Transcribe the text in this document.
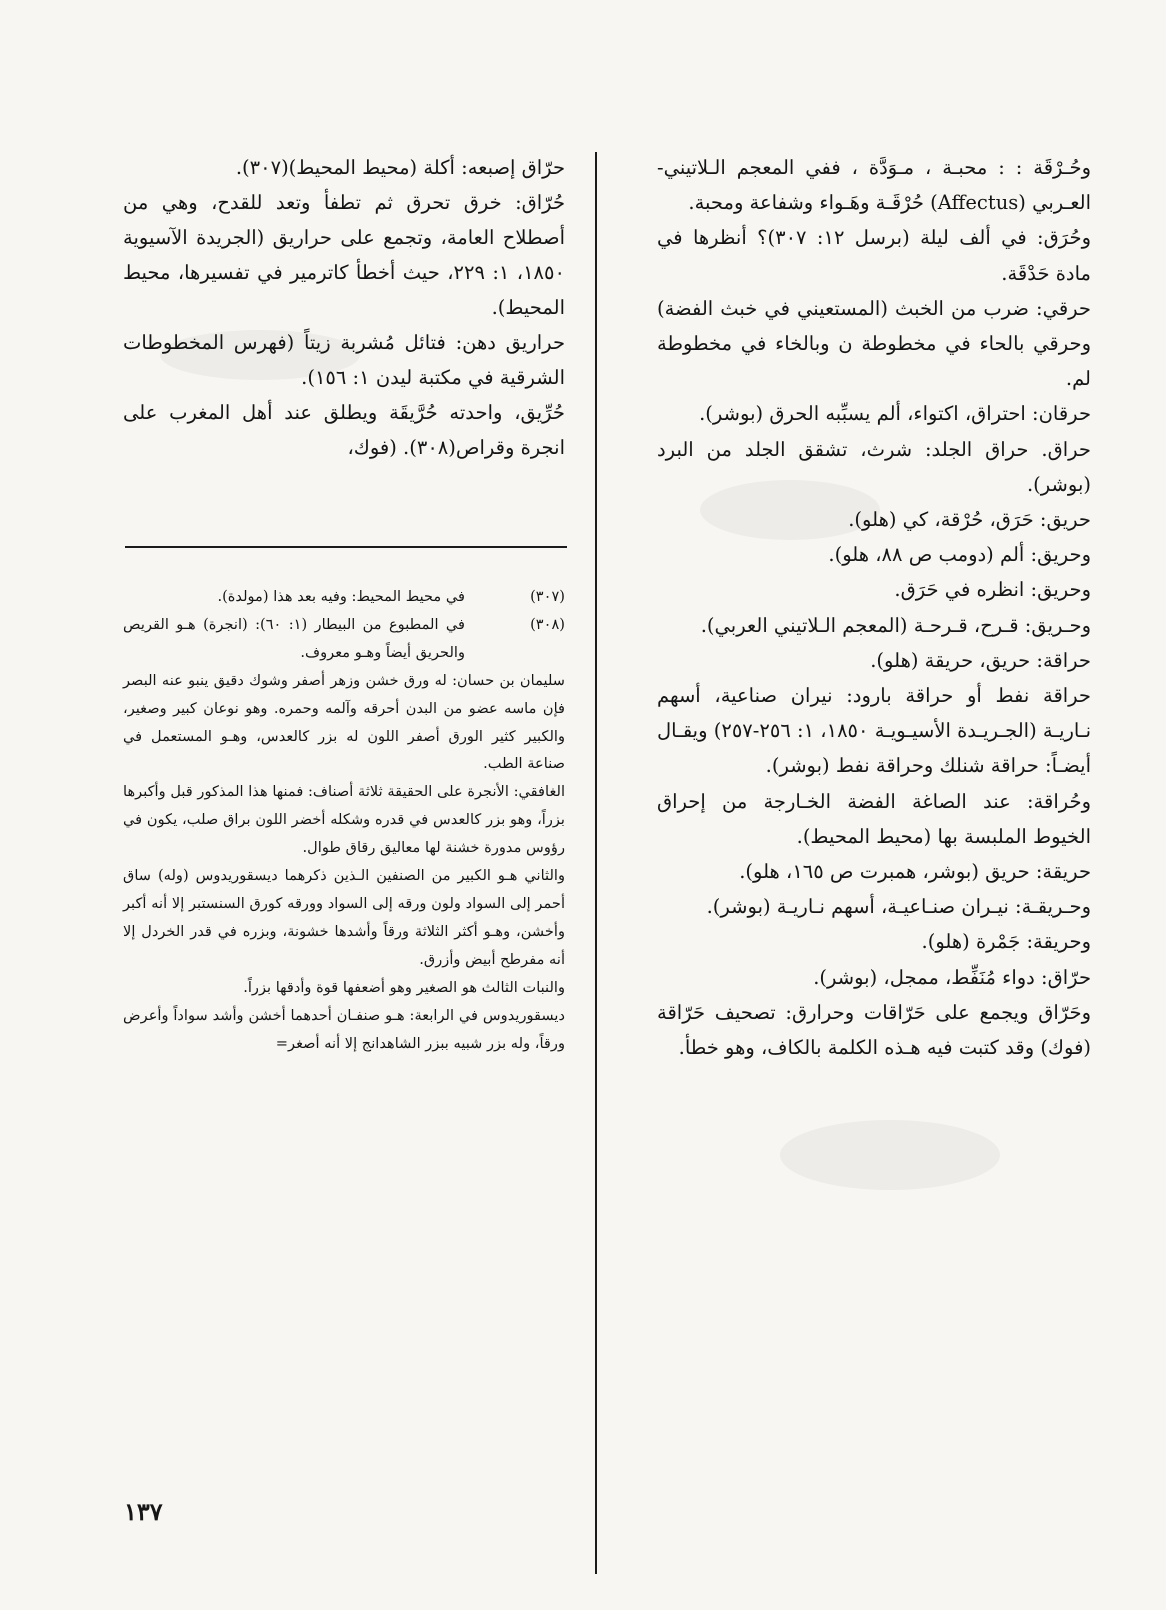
وحُـرْقَة : : محبـة ، مـوَدَّة ، ففي المعجم الـلاتيني-العـربي (Affectus) حُرْقَـة وهَـواء وشفاعة ومحبة.

وحُرَق: في ألف ليلة (برسل ١٢: ٣٠٧)؟ أنظرها في مادة حَدْقَة.

حرقي: ضرب من الخبث (المستعيني في خبث الفضة) وحرقي بالحاء في مخطوطة ن وبالخاء في مخطوطة لم.

حرقان: احتراق، اكتواء، ألم يسبِّبه الحرق (بوشر).

حراق. حراق الجلد: شرث، تشقق الجلد من البرد (بوشر).

حريق: حَرَق، حُرْقة، كي (هلو).

وحريق: ألم (دومب ص ٨٨، هلو).

وحريق: انظره في حَرَق.

وحـريق: قـرح، قـرحـة (المعجم الـلاتيني العربي).

حراقة: حريق، حريقة (هلو).

حراقة نفط أو حراقة بارود: نيران صناعية، أسهم نـاريـة (الجـريـدة الأسيـويـة ١٨٥٠، ١: ٢٥٦-٢٥٧) ويقـال أيضـاً: حراقة شنلك وحراقة نفط (بوشر).

وحُراقة: عند الصاغة الفضة الخـارجة من إحراق الخيوط الملبسة بها (محيط المحيط).

حريقة: حريق (بوشر، همبرت ص ١٦٥، هلو).

وحـريقـة: نيـران صنـاعيـة، أسهم نـاريـة (بوشر).

وحريقة: جَمْرة (هلو).

حرّاق: دواء مُنَفِّط، ممجل، (بوشر).

وحَرّاق ويجمع على حَرّاقات وحرارق: تصحيف حَرّاقة (فوك) وقد كتبت فيه هـذه الكلمة بالكاف، وهو خطأ.

حرّاق إصبعه: أكلة (محيط المحيط)(٣٠٧).

حُرّاق: خرق تحرق ثم تطفأ وتعد للقدح، وهي من أصطلاح العامة، وتجمع على حراريق (الجريدة الآسيوية ١٨٥٠، ١: ٢٢٩، حيث أخطأ كاترمير في تفسيرها، محيط المحيط).

حراريق دهن: فتائل مُشربة زيتاً (فهرس المخطوطات الشرقية في مكتبة ليدن ١: ١٥٦).

حُرِّيق، واحدته حُرَّيقَة ويطلق عند أهل المغرب على انجرة وقراص(٣٠٨). (فوك،

(٣٠٧)
في محيط المحيط: وفيه بعد هذا (مولدة).

(٣٠٨)
في المطبوع من البيطار (١: ٦٠): (انجرة) هـو القريص والحريق أيضاً وهـو معروف.

سليمان بن حسان: له ورق خشن وزهر أصفر وشوك دقيق ينبو عنه البصر فإن ماسه عضو من البدن أحرقه وآلمه وحمره. وهو نوعان كبير وصغير، والكبير كثير الورق أصفر اللون له بزر كالعدس، وهـو المستعمل في صناعة الطب.

الغافقي: الأنجرة على الحقيقة ثلاثة أصناف: فمنها هذا المذكور قبل وأكبرها بزراً، وهو بزر كالعدس في قدره وشكله أخضر اللون براق صلب، يكون في رؤوس مدورة خشنة لها معاليق رقاق طوال.

والثاني هـو الكبير من الصنفين الـذين ذكرهما ديسقوريدوس (وله) ساق أحمر إلى السواد ولون ورقه إلى السواد وورقه كورق السنستبر إلا أنه أكبر وأخشن، وهـو أكثر الثلاثة ورقاً وأشدها خشونة، وبزره في قدر الخردل إلا أنه مفرطح أبيض وأزرق.

والنبات الثالث هو الصغير وهو أضعفها قوة وأدقها بزراً.

ديسقوريدوس في الرابعة: هـو صنفـان أحدهما أخشن وأشد سواداً وأعرض ورقاً، وله بزر شبيه ببزر الشاهدانج إلا أنه أصغر=

١٣٧
